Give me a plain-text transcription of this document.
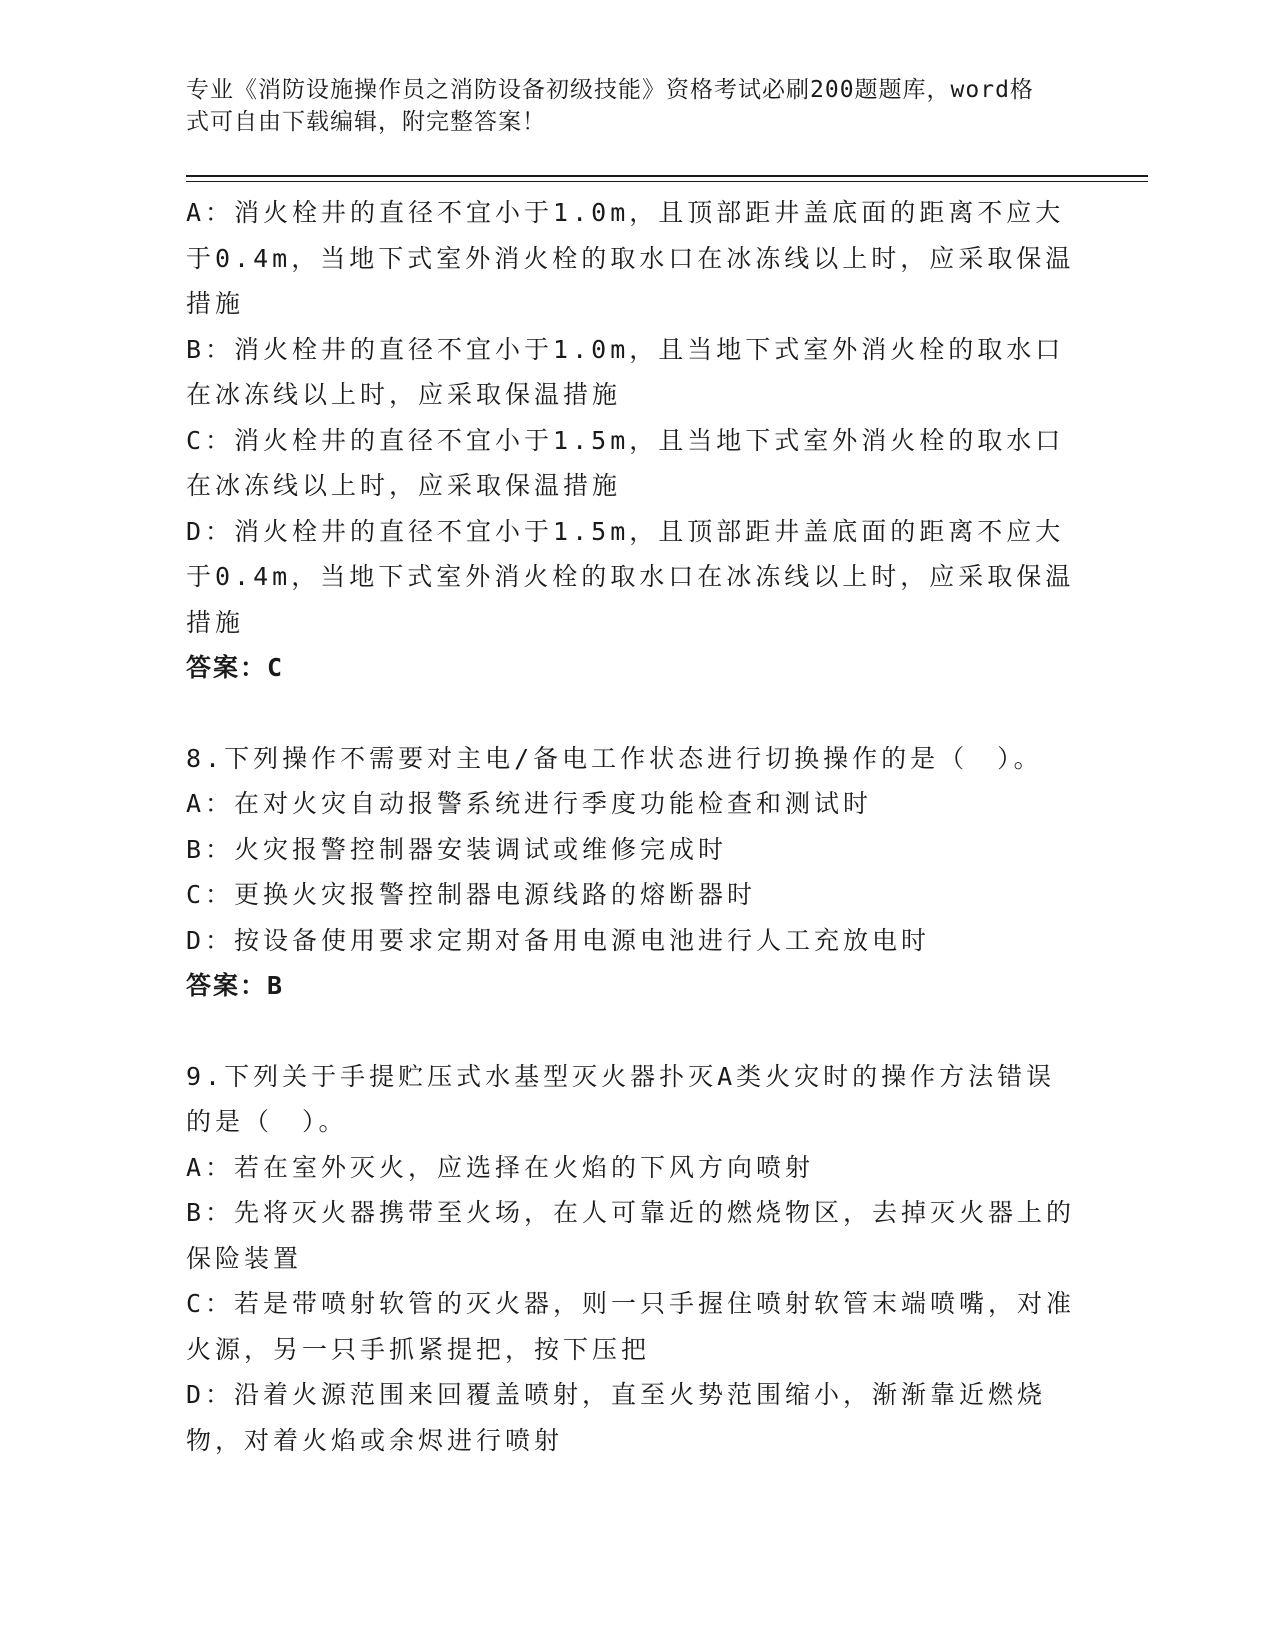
专业《消防设施操作员之消防设备初级技能》资格考试必刷200题题库，word格
式可自由下载编辑，附完整答案！
A：消火栓井的直径不宜小于1.0m，且顶部距井盖底面的距离不应大于0.4m，当地下式室外消火栓的取水口在冰冻线以上时，应采取保温措施
B：消火栓井的直径不宜小于1.0m，且当地下式室外消火栓的取水口在冰冻线以上时，应采取保温措施
C：消火栓井的直径不宜小于1.5m，且当地下式室外消火栓的取水口在冰冻线以上时，应采取保温措施
D：消火栓井的直径不宜小于1.5m，且顶部距井盖底面的距离不应大于0.4m，当地下式室外消火栓的取水口在冰冻线以上时，应采取保温措施
答案：C
8.下列操作不需要对主电/备电工作状态进行切换操作的是（　）。
A：在对火灾自动报警系统进行季度功能检查和测试时
B：火灾报警控制器安装调试或维修完成时
C：更换火灾报警控制器电源线路的熔断器时
D：按设备使用要求定期对备用电源电池进行人工充放电时
答案：B
9.下列关于手提贮压式水基型灭火器扑灭A类火灾时的操作方法错误的是（　）。
A：若在室外灭火，应选择在火焰的下风方向喷射
B：先将灭火器携带至火场，在人可靠近的燃烧物区，去掉灭火器上的保险装置
C：若是带喷射软管的灭火器，则一只手握住喷射软管末端喷嘴，对准火源，另一只手抓紧提把，按下压把
D：沿着火源范围来回覆盖喷射，直至火势范围缩小，渐渐靠近燃烧物，对着火焰或余烬进行喷射
